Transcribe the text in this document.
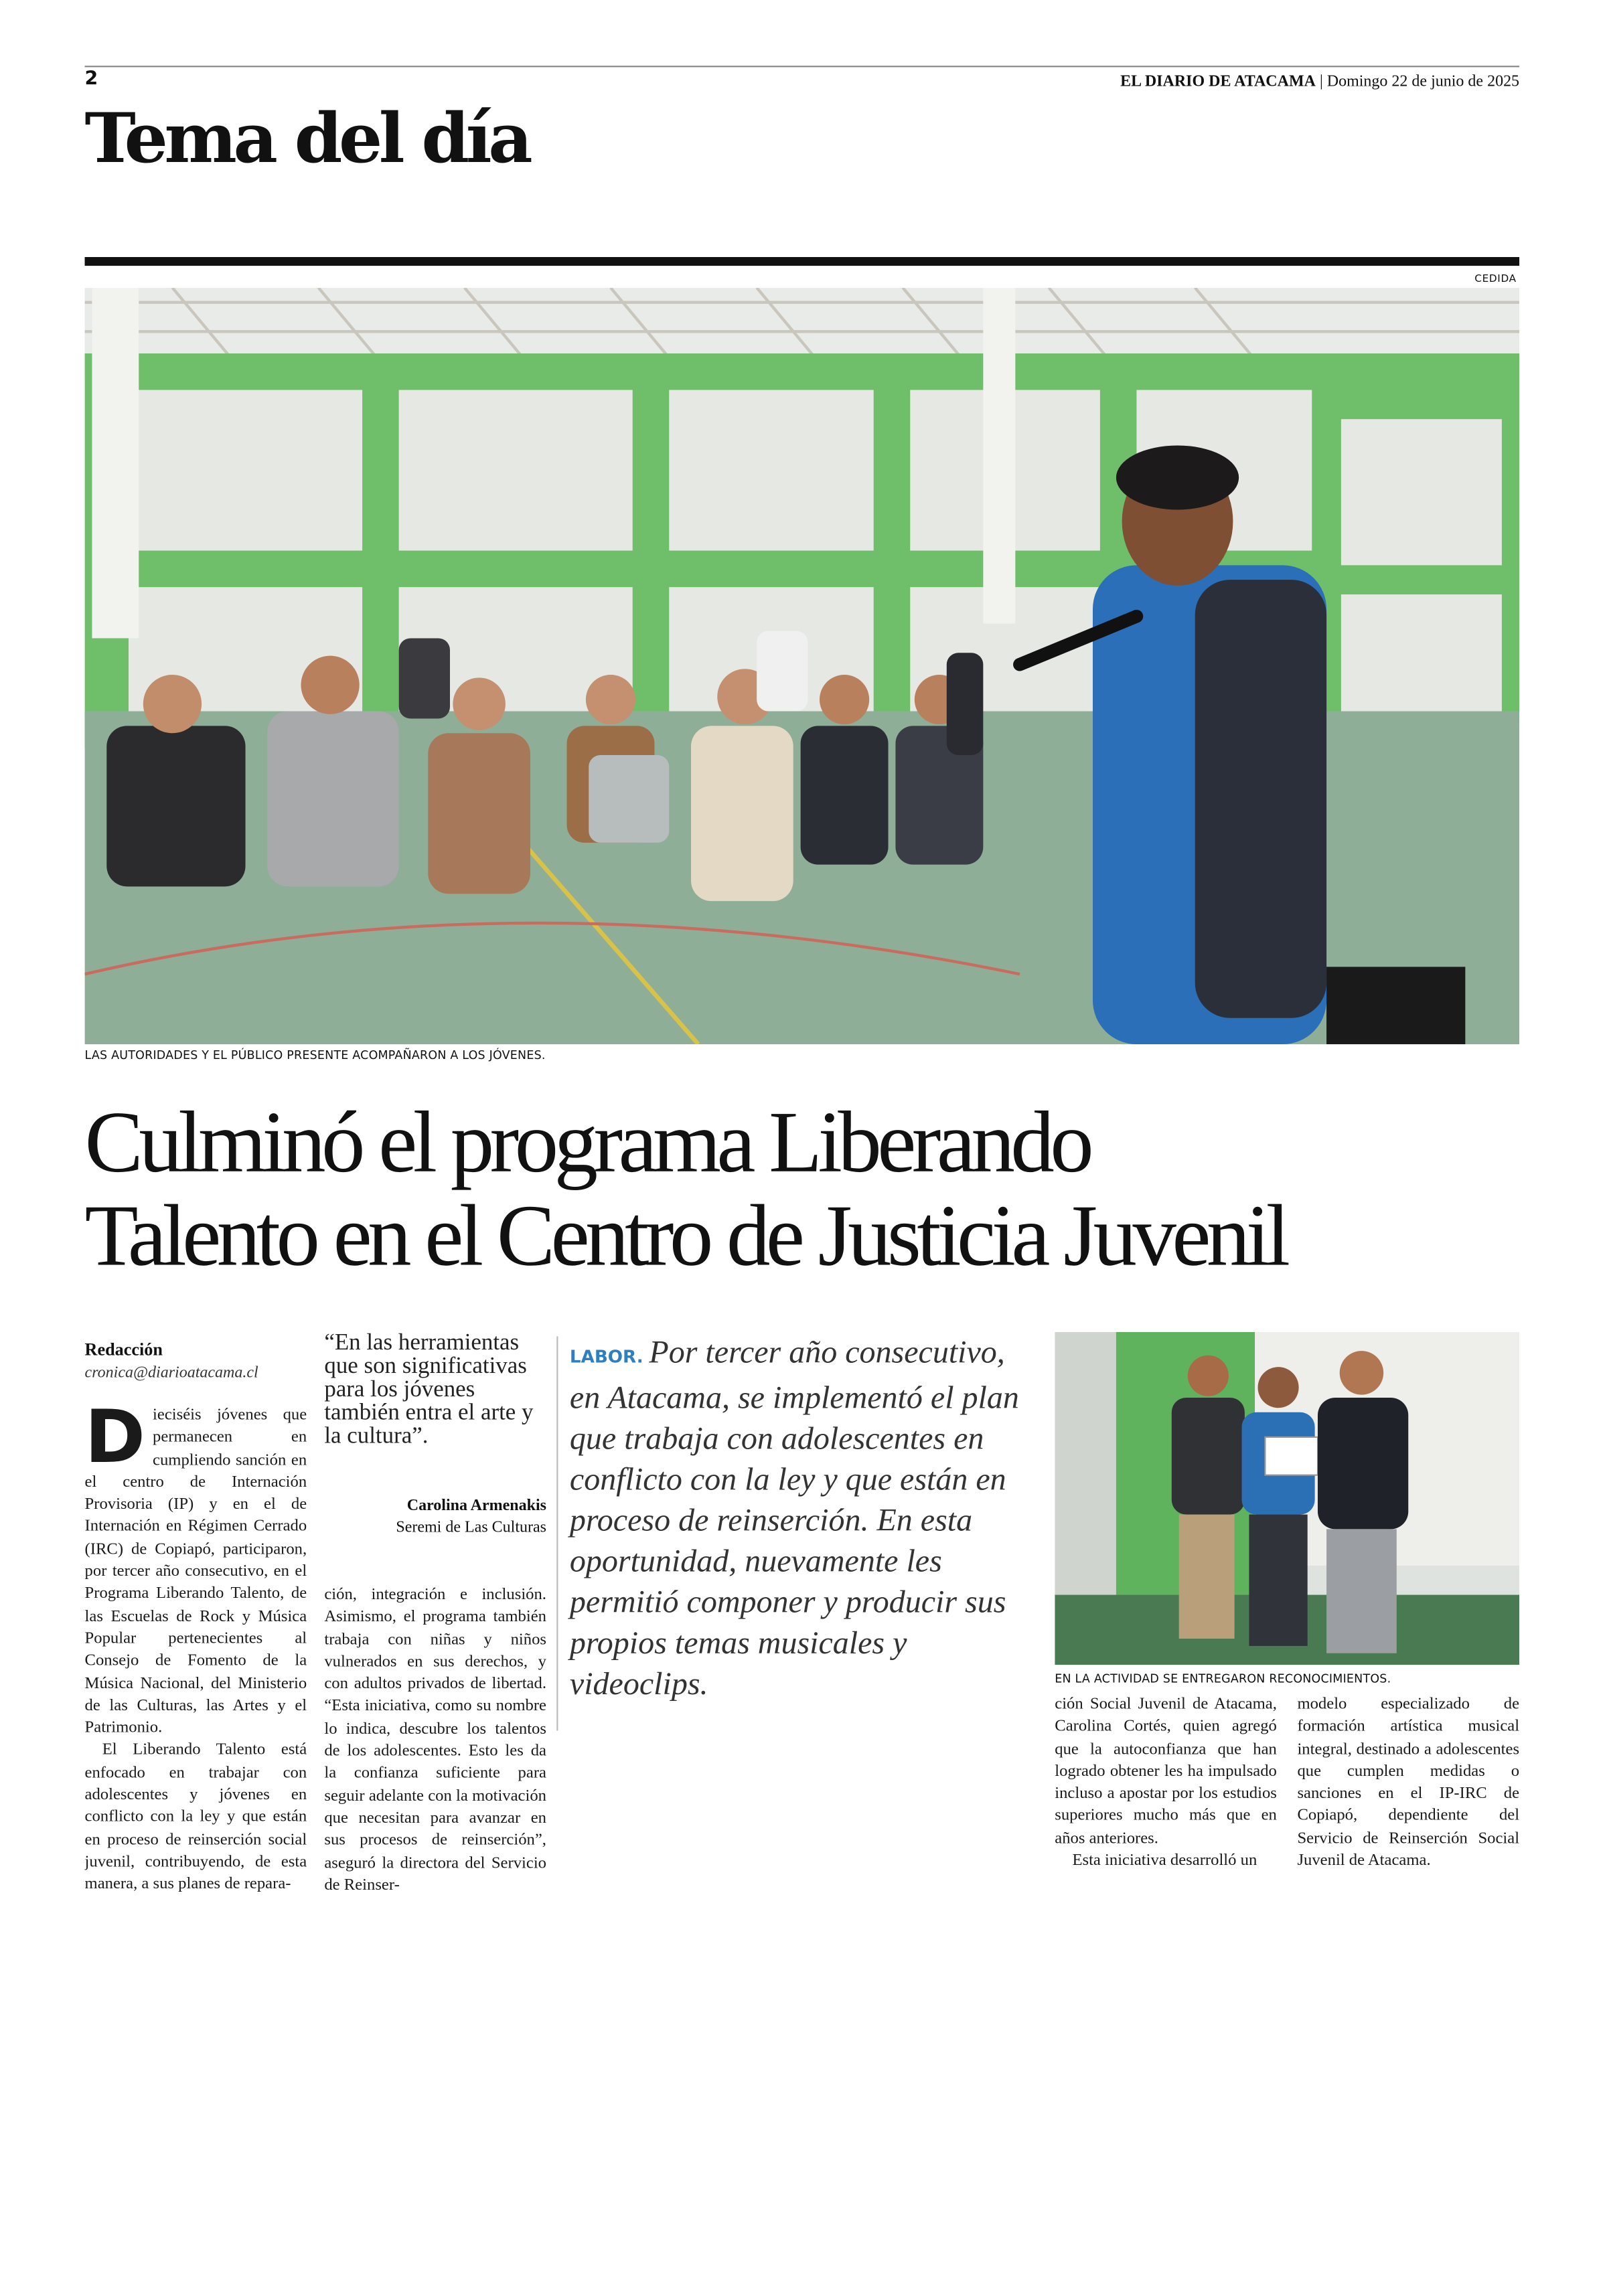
2	EL DIARIO DE ATACAMA | Domingo 22 de junio de 2025
Tema del día
CEDIDA
LAS AUTORIDADES Y EL PÚBLICO PRESENTE ACOMPAÑARON A LOS JÓVENES.
Culminó el programa Liberando
Talento en el Centro de Justicia Juvenil
Redacción
cronica@diarioatacama.cl

Dieciséis jóvenes que permanecen en cumpliendo sanción en el centro de Internación Provisoria (IP) y en el de Internación en Régimen Cerrado (IRC) de Copiapó, participaron, por tercer año consecutivo, en el Programa Liberando Talento, de las Escuelas de Rock y Música Popular pertenecientes al Consejo de Fomento de la Música Nacional, del Ministerio de las Culturas, las Artes y el Patrimonio.

El Liberando Talento está enfocado en trabajar con adolescentes y jóvenes en conflicto con la ley y que están en proceso de reinserción social juvenil, contribuyendo, de esta manera, a sus planes de repara-

“En las herramientas que son significativas para los jóvenes también entra el arte y la cultura”.
Carolina Armenakis
Seremi de Las Culturas

ción, integración e inclusión. Asimismo, el programa también trabaja con niñas y niños vulnerados en sus derechos, y con adultos privados de libertad. “Esta iniciativa, como su nombre lo indica, descubre los talentos de los adolescentes. Esto les da la confianza suficiente para seguir adelante con la motivación que necesitan para avanzar en sus procesos de reinserción”, aseguró la directora del Servicio de Reinser-

LABOR. Por tercer año consecutivo, en Atacama, se implementó el plan que trabaja con adolescentes en conflicto con la ley y que están en proceso de reinserción. En esta oportunidad, nuevamente les permitió componer y producir sus propios temas musicales y videoclips.	EN LA ACTIVIDAD SE ENTREGARON RECONOCIMIENTOS.

ción Social Juvenil de Atacama, Carolina Cortés, quien agregó que la autoconfianza que han logrado obtener les ha impulsado incluso a apostar por los estudios superiores mucho más que en años anteriores.

Esta iniciativa desarrolló un

modelo especializado de formación artística musical integral, destinado a adolescentes que cumplen medidas o sanciones en el IP-IRC de Copiapó, dependiente del Servicio de Reinserción Social Juvenil de Atacama.
